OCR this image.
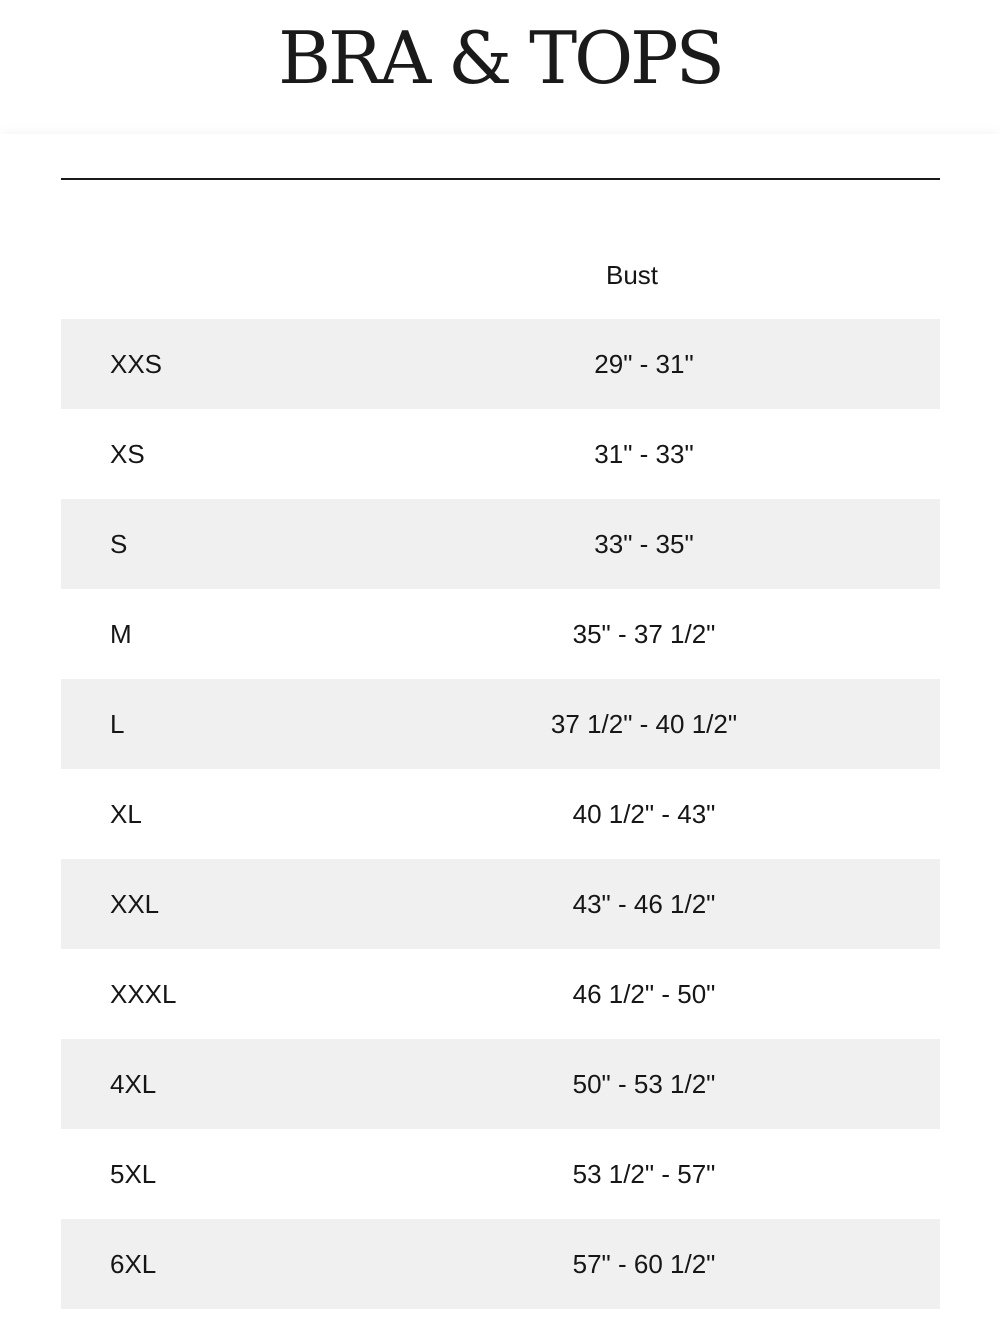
BRA & TOPS
Bust
XXS	29" - 31"
XS	31" - 33"
S	33" - 35"
M	35" - 37 1/2"
L	37 1/2" - 40 1/2"
XL	40 1/2" - 43"
XXL	43" - 46 1/2"
XXXL	46 1/2" - 50"
4XL	50" - 53 1/2"
5XL	53 1/2" - 57"
6XL	57" - 60 1/2"
